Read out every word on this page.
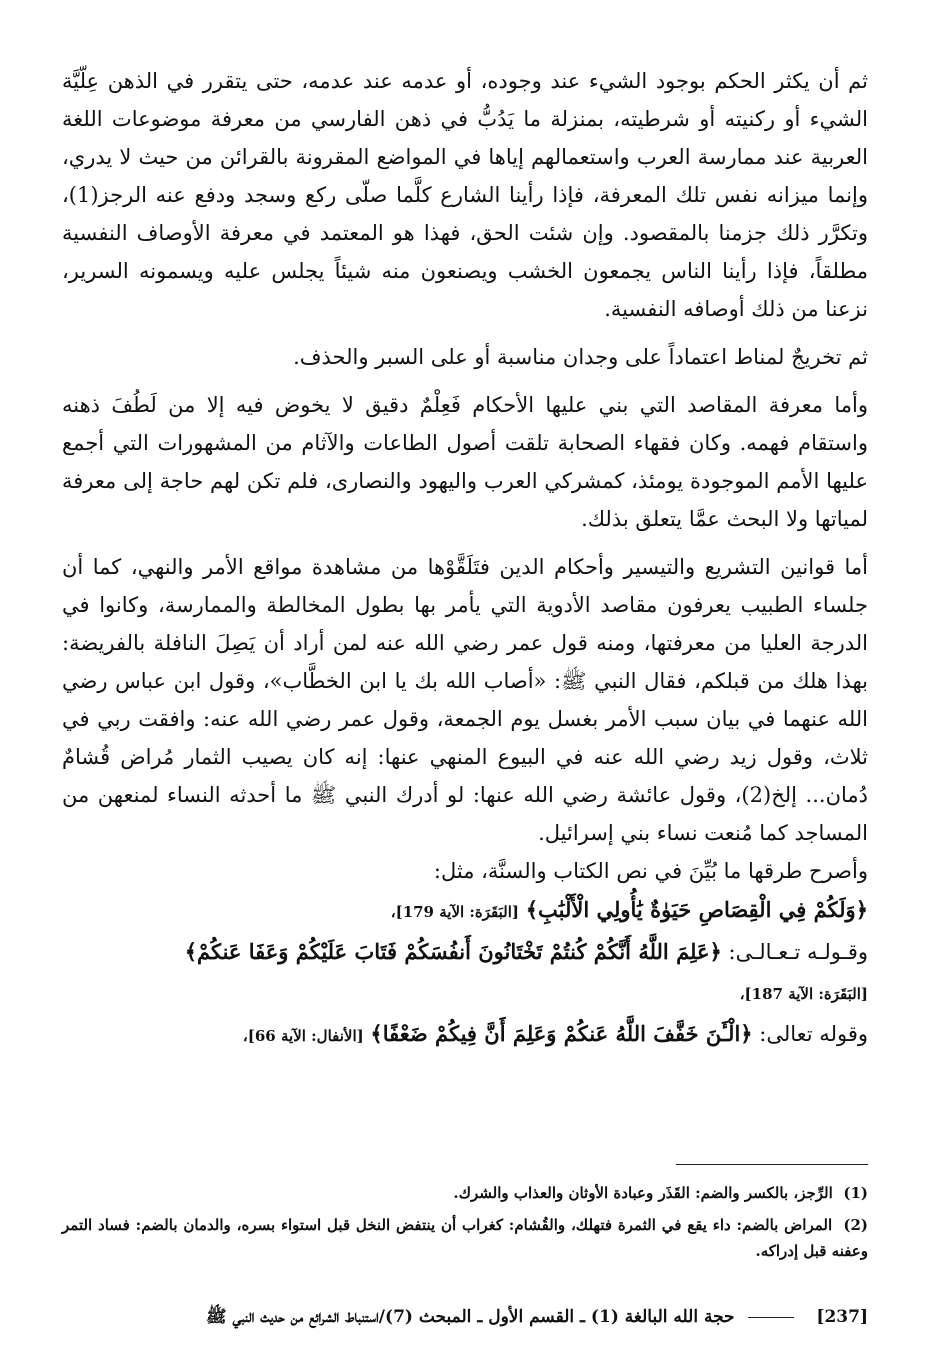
ثم أن يكثر الحكم بوجود الشيء عند وجوده، أو عدمه عند عدمه، حتى يتقرر في الذهن عِلّيَّة الشيء أو ركنيته أو شرطيته، بمنزلة ما يَدُبُّ في ذهن الفارسي من معرفة موضوعات اللغة العربية عند ممارسة العرب واستعمالهم إياها في المواضع المقرونة بالقرائن من حيث لا يدري، وإنما ميزانه نفس تلك المعرفة، فإذا رأينا الشارع كلَّما صلّى ركع وسجد ودفع عنه الرجز(1)، وتكرَّر ذلك جزمنا بالمقصود. وإن شئت الحق، فهذا هو المعتمد في معرفة الأوصاف النفسية مطلقاً، فإذا رأينا الناس يجمعون الخشب ويصنعون منه شيئاً يجلس عليه ويسمونه السرير، نزعنا من ذلك أوصافه النفسية.

ثم تخريجٌ لمناط اعتماداً على وجدان مناسبة أو على السبر والحذف.

وأما معرفة المقاصد التي بني عليها الأحكام فَعِلْمٌ دقيق لا يخوض فيه إلا من لَطُفَ ذهنه واستقام فهمه. وكان فقهاء الصحابة تلقت أصول الطاعات والآثام من المشهورات التي أجمع عليها الأمم الموجودة يومئذ، كمشركي العرب واليهود والنصارى، فلم تكن لهم حاجة إلى معرفة لمياتها ولا البحث عمَّا يتعلق بذلك.

أما قوانين التشريع والتيسير وأحكام الدين فتَلَقَّوْها من مشاهدة مواقع الأمر والنهي، كما أن جلساء الطبيب يعرفون مقاصد الأدوية التي يأمر بها بطول المخالطة والممارسة، وكانوا في الدرجة العليا من معرفتها، ومنه قول عمر رضي الله عنه لمن أراد أن يَصِلَ النافلة بالفريضة: بهذا هلك من قبلكم، فقال النبي ﷺ: «أصاب الله بك يا ابن الخطَّاب»، وقول ابن عباس رضي الله عنهما في بيان سبب الأمر بغسل يوم الجمعة، وقول عمر رضي الله عنه: وافقت ربي في ثلاث، وقول زيد رضي الله عنه في البيوع المنهي عنها: إنه كان يصيب الثمار مُراض قُشامٌ دُمان... إلخ(2)، وقول عائشة رضي الله عنها: لو أدرك النبي ﷺ ما أحدثه النساء لمنعهن من المساجد كما مُنعت نساء بني إسرائيل.

وأصرح طرقها ما بُيِّنَ في نص الكتاب والسنَّة، مثل:

﴿وَلَكُمْ فِي الْقِصَاصِ حَيَوٰةٌ يَٰأُولِي الْأَلْبَٰبِ﴾ [البَقَرَة: الآية 179]،

وقـولـه تـعـالـى: ﴿عَلِمَ اللَّهُ أَنَّكُمْ كُنتُمْ تَخْتَانُونَ أَنفُسَكُمْ فَتَابَ عَلَيْكُمْ وَعَفَا عَنكُمْ﴾
[البَقَرَة: الآية 187]،

وقوله تعالى: ﴿الْـَٔنَ خَفَّفَ اللَّهُ عَنكُمْ وَعَلِمَ أَنَّ فِيكُمْ ضَعْفًا﴾ [الأنفال: الآية 66]،

(1) الرِّجز، بالكسر والضم: القَذَر وعبادة الأوثان والعذاب والشرك.
(2) المراض بالضم: داء يقع في الثمرة فتهلك، والقُشام: كغراب أن ينتفض النخل قبل استواء بسره، والدمان بالضم: فساد التمر وعفنه قبل إدراكه.
[237]  حجة الله البالغة (1) ـ القسم الأول ـ المبحث (7)/استنباط الشرائع من حديث النبي ﷺ
